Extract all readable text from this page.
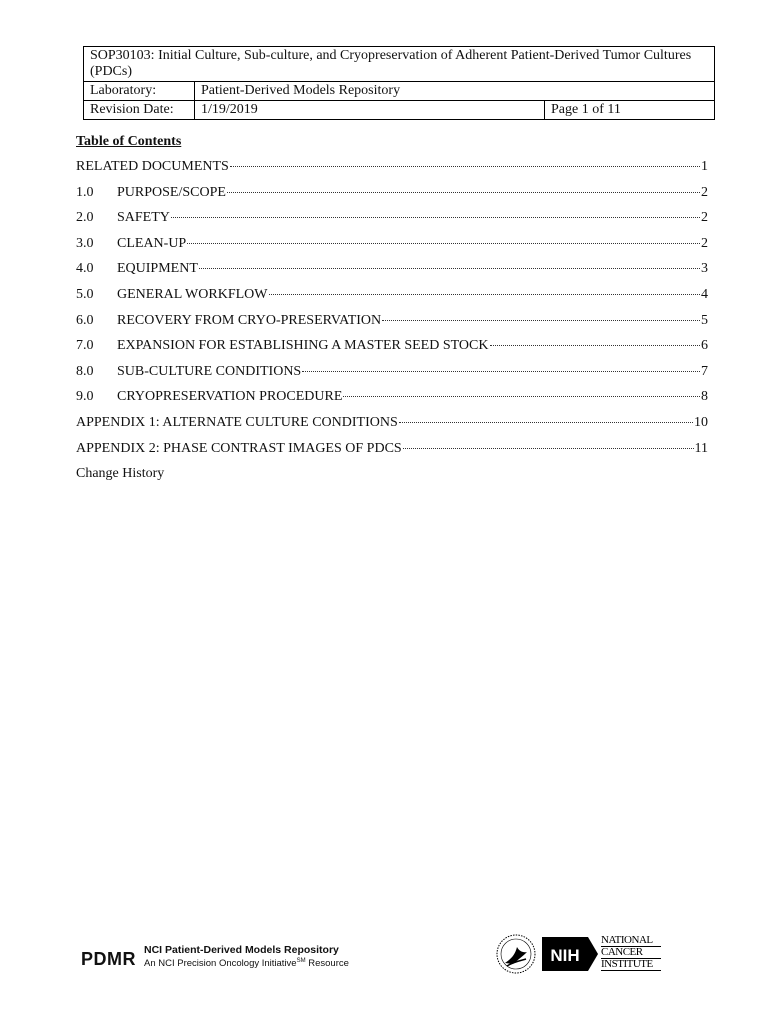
SOP30103: Initial Culture, Sub-culture, and Cryopreservation of Adherent Patient-Derived Tumor Cultures (PDCs)		
Laboratory:	Patient-Derived Models Repository	
Revision Date:	1/19/2019	Page 1 of 11

Table of Contents

RELATED DOCUMENTS	1
1.0	PURPOSE/SCOPE	2
2.0	SAFETY	2
3.0	CLEAN-UP	2
4.0	EQUIPMENT	3
5.0	GENERAL WORKFLOW	4
6.0	RECOVERY FROM CRYO-PRESERVATION	5
7.0	EXPANSION FOR ESTABLISHING A MASTER SEED STOCK	6
8.0	SUB-CULTURE CONDITIONS	7
9.0	CRYOPRESERVATION PROCEDURE	8
APPENDIX 1: ALTERNATE CULTURE CONDITIONS	10
APPENDIX 2: PHASE CONTRAST IMAGES OF PDCS	11
Change History
PDMR NCI Patient-Derived Models Repository
An NCI Precision Oncology Initiative℠ Resource	NIH
NATIONAL
CANCER
INSTITUTE
